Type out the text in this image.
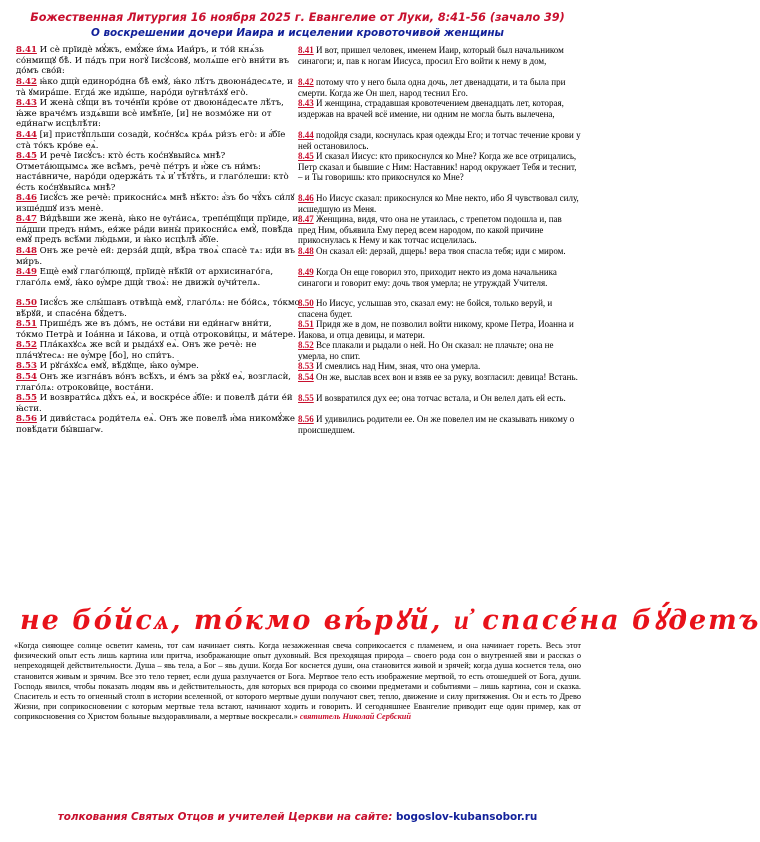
Божественная Литургия 16 ноября 2025 г. Евангелие от Луки, 8:41-56 (зачало 39)
О воскрешении дочери Иаира и исцелении кровоточивой женщины
8.41 И сѐ прїидѐ мꙋ́жъ, емꙋ́же и́мѧ Иаи́ръ, и то́й кнѧ́зь со́нмищꙋ бѣ̀. И па́дъ при ногꙋ̀ Іисꙋ́совꙋ, молѧ́ше его̀ вни́ти въ до́мъ сво́й:
8.42 ꙗ́ко дщѝ единоро́дна бѣ̀ емꙋ̀, ꙗ́ко лѣ́тъ двоюна́десѧте, и та̀ ꙋмира́ше. Егда́ же иды́ше, наро́ди ᲂу҆гнѣта́хꙋ его̀.
8.43 И жена̀ сꙋ́щи въ точе́нїи кро́ве от двоюна́десѧте лѣ́тъ, ꙗ́же врачє́мъ издѧ́вши всѐ имѣ́нїе, [и] не возмо́же ни от еди́нагѡ исцѣлѣ́ти:
8.44 [и] пристꙋ́пльши созадѝ, кос́нꙋсѧ кра́ѧ ри́зъ его̀: и а҆́бїе ста̀ то́къ кро́ве еѧ̀.
8.45 И речѐ Іисꙋ́съ: кто̀ е́сть кос́нꙋвыйсѧ мнѣ̀? Отмета́ющымсѧ же всѣ̀мъ, речѐ пе́тръ и и҆́же съ ни́мъ: наста́вниче, наро́ди одержа́ть тѧ̀ и ̓тѣ́тꙋ́ть, и глаго́леши: кто̀ е́сть кос́нꙋвыйсѧ мнѣ̀?
8.46 Іисꙋ́съ же речѐ: прикосни́сѧ мнѣ̀ нѣ́кто: а҆́зъ бо чꙋ́хъ си́лꙋ изше́дшꙋ изъ менѐ.
8.47 Ви́дѣвши же жена̀, ꙗ́ко не ᲂу҆та́исѧ, трепе́щꙋщи прїиде, и па́дши предъ ни́мъ, ея́же ра́ди вины̀ прикосни́сѧ емꙋ̀, повѣ́да емꙋ̀ предъ всѣ́ми лю́дьми, и ꙗ́ко исцѣлѣ̀ а҆́бїе.
8.48 Онъ же речѐ ей: дерза́й дщѝ, вѣ́ра твоѧ̀ спасѐ тѧ: ид́и въ ми́ръ.
8.49 Ещѐ емꙋ̀ глаго́лющꙋ, прїидѐ нѣ́кїй от архисинаго́га, глаго́лѧ емꙋ̀, ꙗ́ко ᲂу҆́мре дщѝ твоѧ̀: не движѝ ᲂу҆чи́телѧ.
8.50 Іисꙋ́съ же слы́шавъ отвѣща̀ емꙋ̀, глаго́лѧ: не бо́йсѧ, то́кмо вѣ́рꙋй, и спасе́на бꙋ́детъ.
8.51 Пришє́дъ же въ до́мъ, не оста́ви ни еди́нагѡ вни́ти, то́кмо Петра̀ и Іоа́нна и Іа́кова, и отца̀ отрокови́цы, и ма́тере.
8.52 Пла́кахꙋсѧ же вси̑ и рыда́хꙋ еѧ̀. Онъ же речѐ: не пла́чꙋтесѧ: не ᲂу҆́мре [бо], но спи́тъ.
8.53 И рꙋга́хꙋсѧ емꙋ̀, вѣ́дꙋще, ꙗ́ко ᲂу҆́мре.
8.54 Онъ же изгна́въ во́нъ всѣ́хъ, и е́мъ за рꙋ́кꙋ еѧ̀, возгласѝ, глаго́лѧ: отрокови́це, воста́ни.
8.55 И возврати́сѧ дꙋ́хъ еѧ̀, и воскре́се а҆́бїе: и повелѣ̀ да́ти е́й ꙗ́сти.
8.56 И диви́стасѧ роди́телѧ еѧ̀. Онъ же повелѣ̀ и҆́ма никомꙋ́же повѣ́дати бы́вшагѡ.
8.41 И вот, пришел человек, именем Иаир, который был начальником синагоги; и, пав к ногам Иисуса, просил Его войти к нему в дом,
8.42 потому что у него была одна дочь, лет двенадцати, и та была при смерти. Когда же Он шел, народ теснил Его.
8.43 И женщина, страдавшая кровотечением двенадцать лет, которая, издержав на врачей всё имение, ни одним не могла быть вылечена,
8.44 подойдя сзади, коснулась края одежды Его; и тотчас течение крови у ней остановилось.
8.45 И сказал Иисус: кто прикоснулся ко Мне? Когда же все отрицались, Петр сказал и бывшие с Ним: Наставник! народ окружает Тебя и теснит, – и Ты говоришь: кто прикоснулся ко Мне?
8.46 Но Иисус сказал: прикоснулся ко Мне некто, ибо Я чувствовал силу, исшедшую из Меня.
8.47 Женщина, видя, что она не утаилась, с трепетом подошла и, пав пред Ним, объявила Ему перед всем народом, по какой причине прикоснулась к Нему и как тотчас исцелилась.
8.48 Он сказал ей: дерзай, дщерь! вера твоя спасла тебя; иди с миром.
8.49 Когда Он еще говорил это, приходит некто из дома начальника синагоги и говорит ему: дочь твоя умерла; не утруждай Учителя.
8.50 Но Иисус, услышав это, сказал ему: не бойся, только веруй, и спасена будет.
8.51 Придя же в дом, не позволил войти никому, кроме Петра, Иоанна и Иакова, и отца девицы, и матери.
8.52 Все плакали и рыдали о ней. Но Он сказал: не плачьте; она не умерла, но спит.
8.53 И смеялись над Ним, зная, что она умерла.
8.54 Он же, выслав всех вон и взяв ее за руку, возгласил: девица! Встань.
8.55 И возвратился дух ее; она тотчас встала, и Он велел дать ей есть.
8.56 И удивились родители ее. Он же повелел им не сказывать никому о происшедшем.
не бо́йсѧ, то́кмо вѣ́рꙋй, и҆ спасе́на бꙋ́детъ
«Когда сияющее солнце осветит камень, тот сам начинает сиять. Когда незажженная свеча соприкосается с пламенем, и она начинает гореть. Весь этот физический опыт есть лишь картина или притча, изображающие опыт духовный. Вся преходящая природа – своего рода сон о внутренней яви и рассказ о непреходящей действительности. Душа – явь тела, а Бог – явь души. Когда Бог коснется души, она становится живой и зрячей; когда душа коснется тела, оно становится живым и зрячим. Все это тело теряет, если душа разлучается от Бога. Мертвое тело есть изображение мертвой, то есть отошедшей от Бога, души. Господь явился, чтобы показать людям явь и действительность, для которых вся природа со своими предметами и событиями – лишь картина, сон и сказка. Спаситель и есть то огненный столп в истории вселенной, от которого мертвые души получают свет, тепло, движение и силу притяжения. Он и есть то Древо Жизни, при соприкосновении с которым мертвые тела встают, начинают ходить и говорить. И сегодняшнее Евангелие приводит еще один пример, как от соприкосновения со Христом больные выздоравливали, а мертвые воскресали.» святитель Николай Сербский
толкования Святых Отцов и учителей Церкви на сайте: bogoslov-kubansobor.ru
